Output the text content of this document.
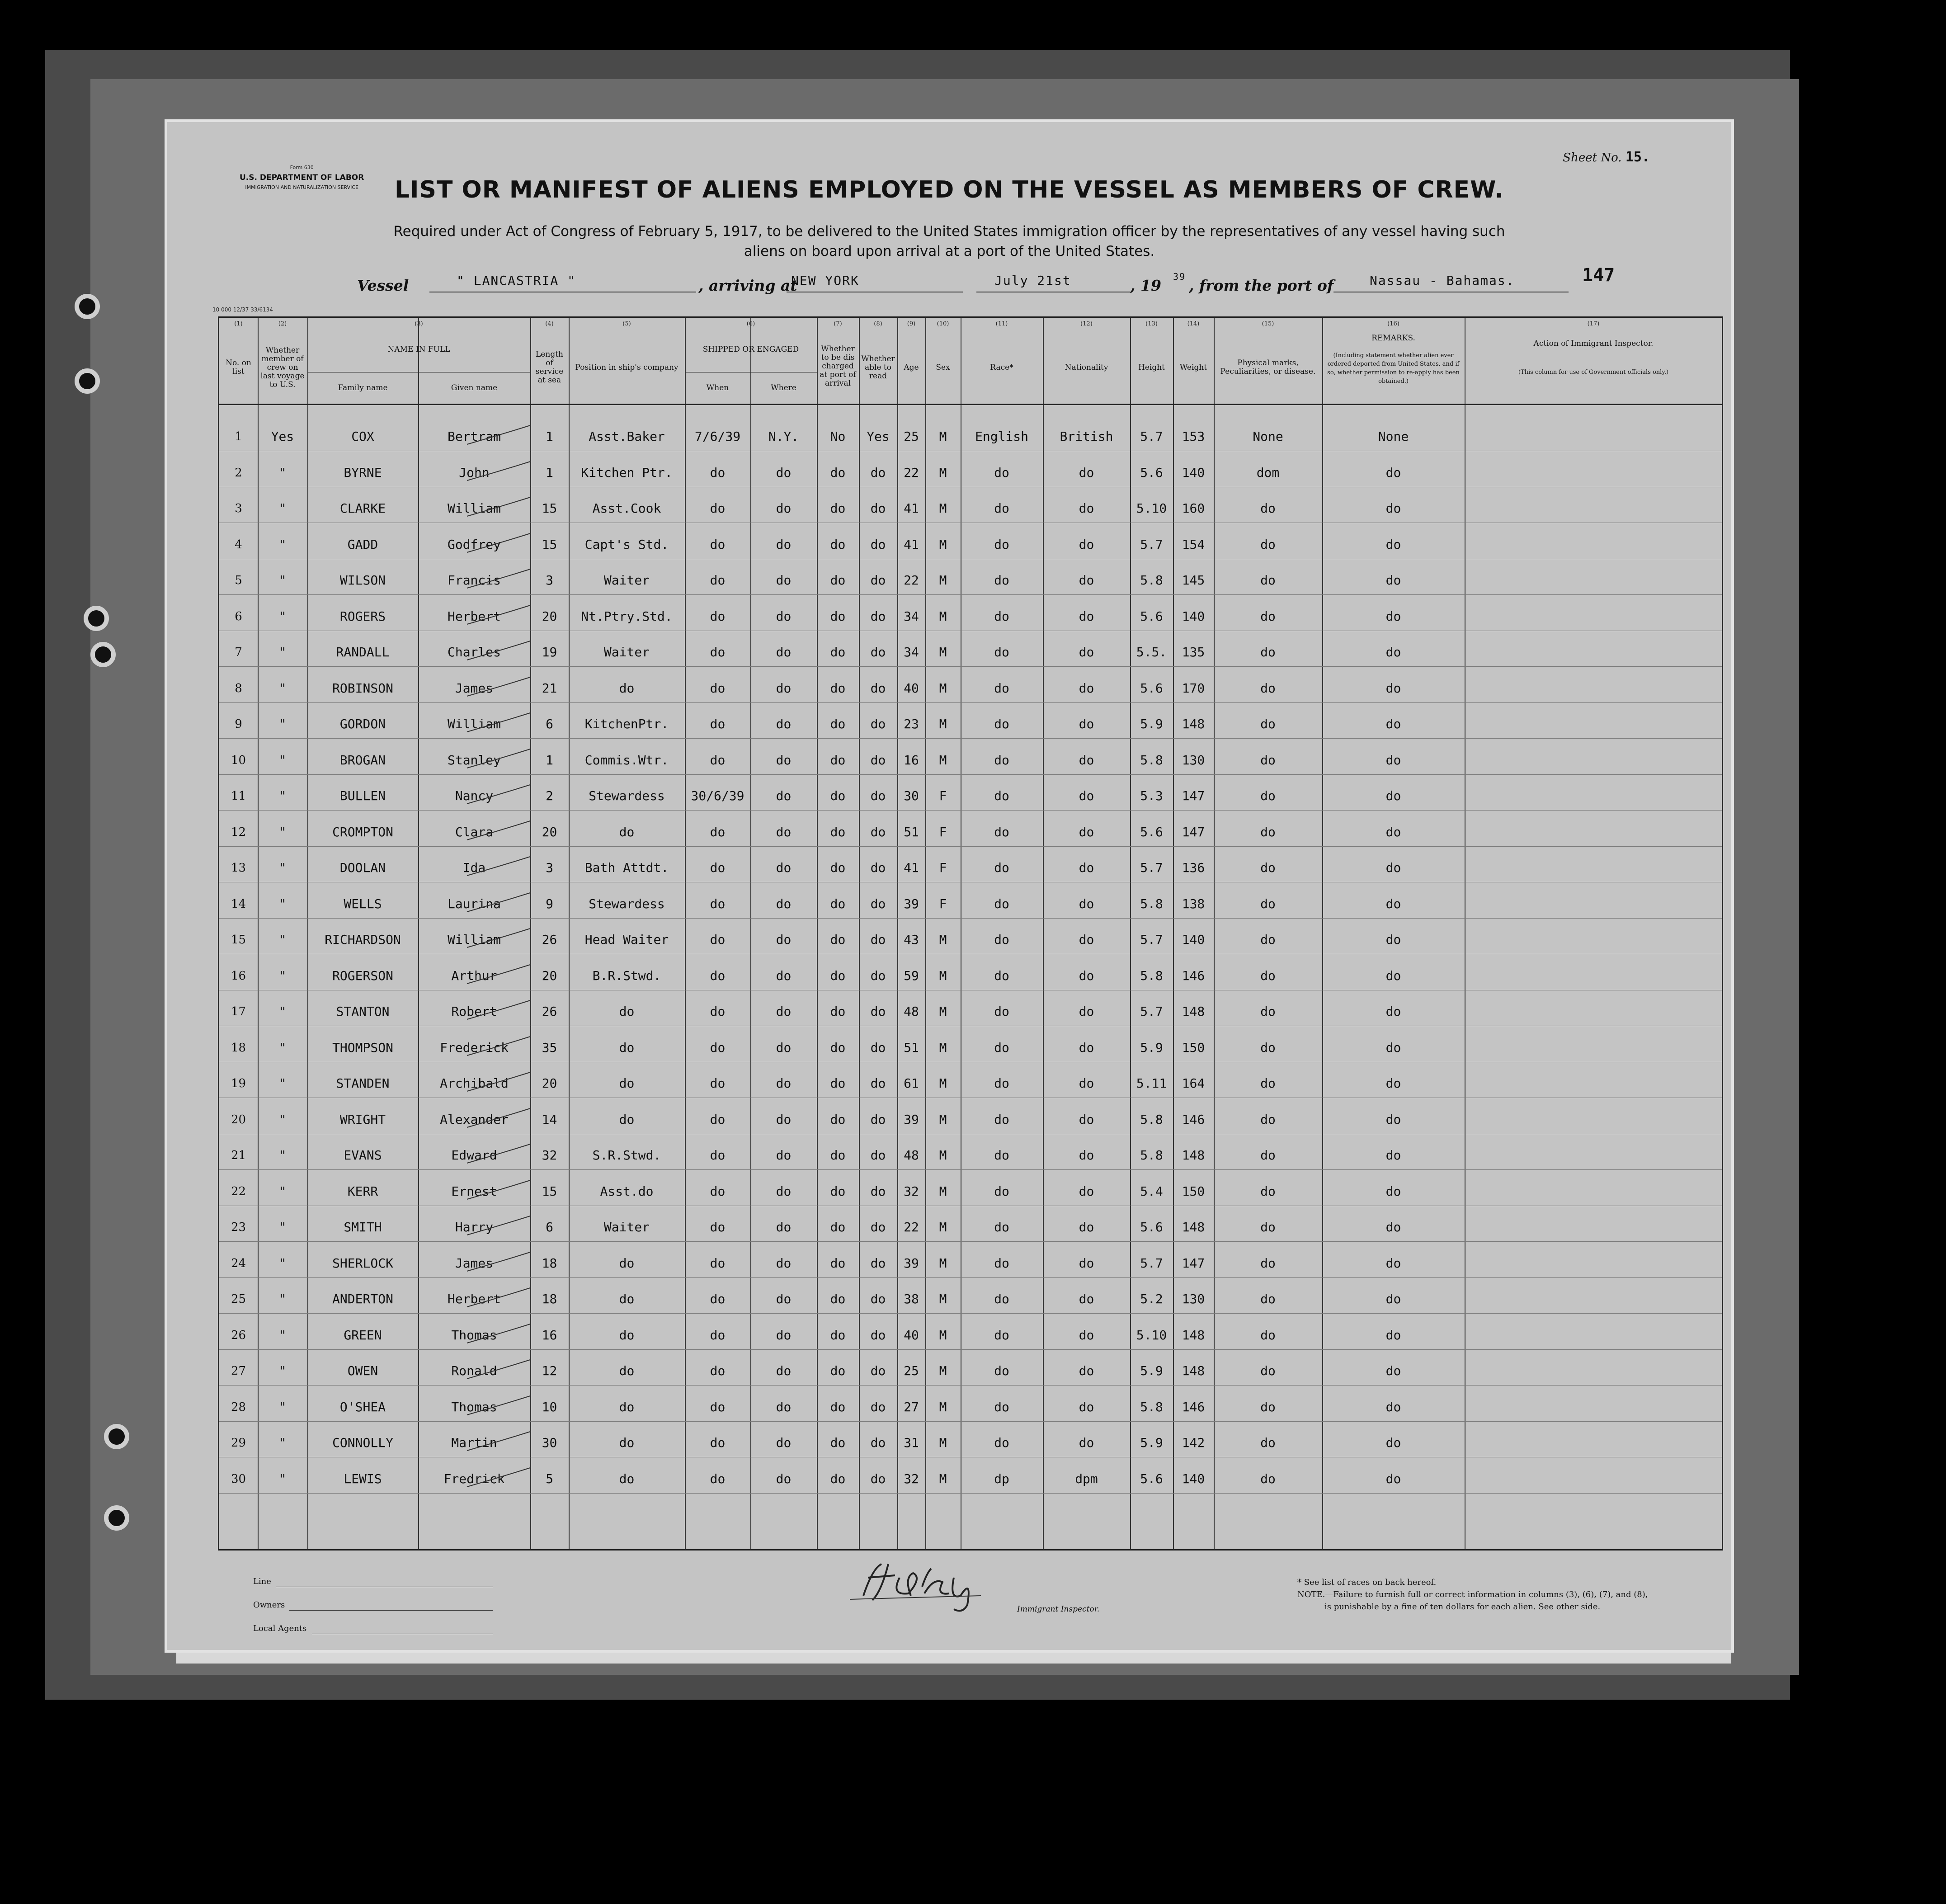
Form 630
U.S. DEPARTMENT OF LABOR
IMMIGRATION AND NATURALIZATION SERVICE
Sheet No. 15.
LIST OR MANIFEST OF ALIENS EMPLOYED ON THE VESSEL AS MEMBERS OF CREW.
Required under Act of Congress of February 5, 1917, to be delivered to the United States immigration officer by the representatives of any vessel having such
aliens on board upon arrival at a port of the United States.
Vessel	" LANCASTRIA "	, arriving at
NEW YORK	July 21st	, 19 39 , from the port of	Nassau - Bahamas.	147
10 000 12/37 33/6134
(1)	(2)	(3)	(4)	(5)	(6)	(7)	(8)	(9)	(10)	(11)	(12)	(13)	(14)	(15)	(16)	(17)
No. on list
Whether member of crew on last voyage to U.S.
NAME IN FULL
Family name	Given name
Length of service at sea
Position in ship's company
SHIPPED OR ENGAGED
When	Where
Whether to be dis charged at port of arrival
Whether able to read
Age	Sex	Race*	Nationality	Height	Weight	Physical marks, Peculiarities, or disease.
REMARKS.
(Including statement whether alien ever ordered deported from United States, and if so, whether permission to re-apply has been obtained.)
Action of Immigrant Inspector.
(This column for use of Government officials only.)
1	Yes	COX	Bertram	1	Asst.Baker	7/6/39	N.Y.	No	Yes	25	M	English	British	5.7	153	None	None
2	"	BYRNE	John	1	Kitchen Ptr.	do	do	do	do	22	M	do	do	5.6	140	dom	do
3	"	CLARKE	William	15	Asst.Cook	do	do	do	do	41	M	do	do	5.10	160	do	do
4	"	GADD	Godfrey	15	Capt's Std.	do	do	do	do	41	M	do	do	5.7	154	do	do
5	"	WILSON	Francis	3	Waiter	do	do	do	do	22	M	do	do	5.8	145	do	do
6	"	ROGERS	Herbert	20	Nt.Ptry.Std.	do	do	do	do	34	M	do	do	5.6	140	do	do
7	"	RANDALL	Charles	19	Waiter	do	do	do	do	34	M	do	do	5.5.	135	do	do
8	"	ROBINSON	James	21	do	do	do	do	do	40	M	do	do	5.6	170	do	do
9	"	GORDON	William	6	KitchenPtr.	do	do	do	do	23	M	do	do	5.9	148	do	do
10	"	BROGAN	Stanley	1	Commis.Wtr.	do	do	do	do	16	M	do	do	5.8	130	do	do
11	"	BULLEN	Nancy	2	Stewardess	30/6/39	do	do	do	30	F	do	do	5.3	147	do	do
12	"	CROMPTON	Clara	20	do	do	do	do	do	51	F	do	do	5.6	147	do	do
13	"	DOOLAN	Ida	3	Bath Attdt.	do	do	do	do	41	F	do	do	5.7	136	do	do
14	"	WELLS	Laurina	9	Stewardess	do	do	do	do	39	F	do	do	5.8	138	do	do
15	"	RICHARDSON	William	26	Head Waiter	do	do	do	do	43	M	do	do	5.7	140	do	do
16	"	ROGERSON	Arthur	20	B.R.Stwd.	do	do	do	do	59	M	do	do	5.8	146	do	do
17	"	STANTON	Robert	26	do	do	do	do	do	48	M	do	do	5.7	148	do	do
18	"	THOMPSON	Frederick	35	do	do	do	do	do	51	M	do	do	5.9	150	do	do
19	"	STANDEN	Archibald	20	do	do	do	do	do	61	M	do	do	5.11	164	do	do
20	"	WRIGHT	Alexander	14	do	do	do	do	do	39	M	do	do	5.8	146	do	do
21	"	EVANS	Edward	32	S.R.Stwd.	do	do	do	do	48	M	do	do	5.8	148	do	do
22	"	KERR	Ernest	15	Asst.do	do	do	do	do	32	M	do	do	5.4	150	do	do
23	"	SMITH	Harry	6	Waiter	do	do	do	do	22	M	do	do	5.6	148	do	do
24	"	SHERLOCK	James	18	do	do	do	do	do	39	M	do	do	5.7	147	do	do
25	"	ANDERTON	Herbert	18	do	do	do	do	do	38	M	do	do	5.2	130	do	do
26	"	GREEN	Thomas	16	do	do	do	do	do	40	M	do	do	5.10	148	do	do
27	"	OWEN	Ronald	12	do	do	do	do	do	25	M	do	do	5.9	148	do	do
28	"	O'SHEA	Thomas	10	do	do	do	do	do	27	M	do	do	5.8	146	do	do
29	"	CONNOLLY	Martin	30	do	do	do	do	do	31	M	do	do	5.9	142	do	do
30	"	LEWIS	Fredrick	5	do	do	do	do	do	32	M	dp	dpm	5.6	140	do	do
Line
Owners
Local Agents
Immigrant Inspector.
* See list of races on back hereof.
NOTE.—Failure to furnish full or correct information in columns (3), (6), (7), and (8),
is punishable by a fine of ten dollars for each alien. See other side.
